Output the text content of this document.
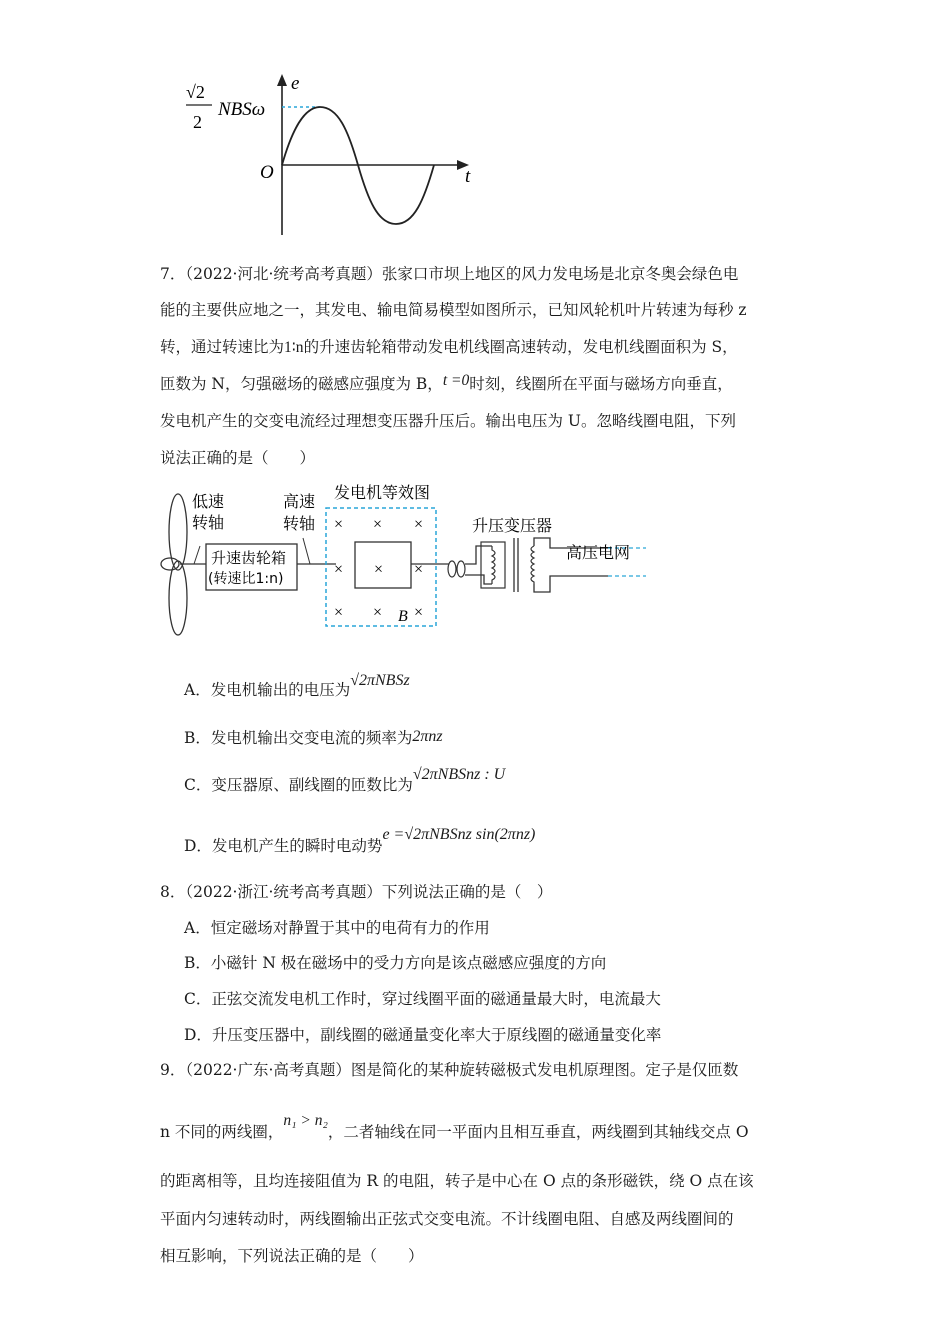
e
t
O
√2
2
NBSω
7．（2022·河北·统考高考真题）张家口市坝上地区的风力发电场是北京冬奥会绿色电
能的主要供应地之一，其发电、输电简易模型如图所示，已知风轮机叶片转速为每秒 z
转，通过转速比为1∶n的升速齿轮箱带动发电机线圈高速转动，发电机线圈面积为 S，
匝数为 N，匀强磁场的磁感应强度为 B，t =0时刻，线圈所在平面与磁场方向垂直，
发电机产生的交变电流经过理想变压器升压后。输出电压为 U。忽略线圈电阻，下列
说法正确的是（　　）
低速
转轴
升速齿轮箱
(转速比1:n)
高速
转轴
发电机等效图
× × ×
× × ×
× × ×
B
升压变压器
高压电网
A．发电机输出的电压为√2πNBSz
B．发电机输出交变电流的频率为2πnz
C．变压器原、副线圈的匝数比为√2πNBSnz : U
D．发电机产生的瞬时电动势e =√2πNBSnz sin(2πnz)
8．（2022·浙江·统考高考真题）下列说法正确的是（　）
A．恒定磁场对静置于其中的电荷有力的作用
B．小磁针 N 极在磁场中的受力方向是该点磁感应强度的方向
C．正弦交流发电机工作时，穿过线圈平面的磁通量最大时，电流最大
D．升压变压器中，副线圈的磁通量变化率大于原线圈的磁通量变化率
9．（2022·广东·高考真题）图是简化的某种旋转磁极式发电机原理图。定子是仅匝数
n 不同的两线圈，n₁ > n₂，二者轴线在同一平面内且相互垂直，两线圈到其轴线交点 O
的距离相等，且均连接阻值为 R 的电阻，转子是中心在 O 点的条形磁铁，绕 O 点在该
平面内匀速转动时，两线圈输出正弦式交变电流。不计线圈电阻、自感及两线圈间的
相互影响，下列说法正确的是（　　）
